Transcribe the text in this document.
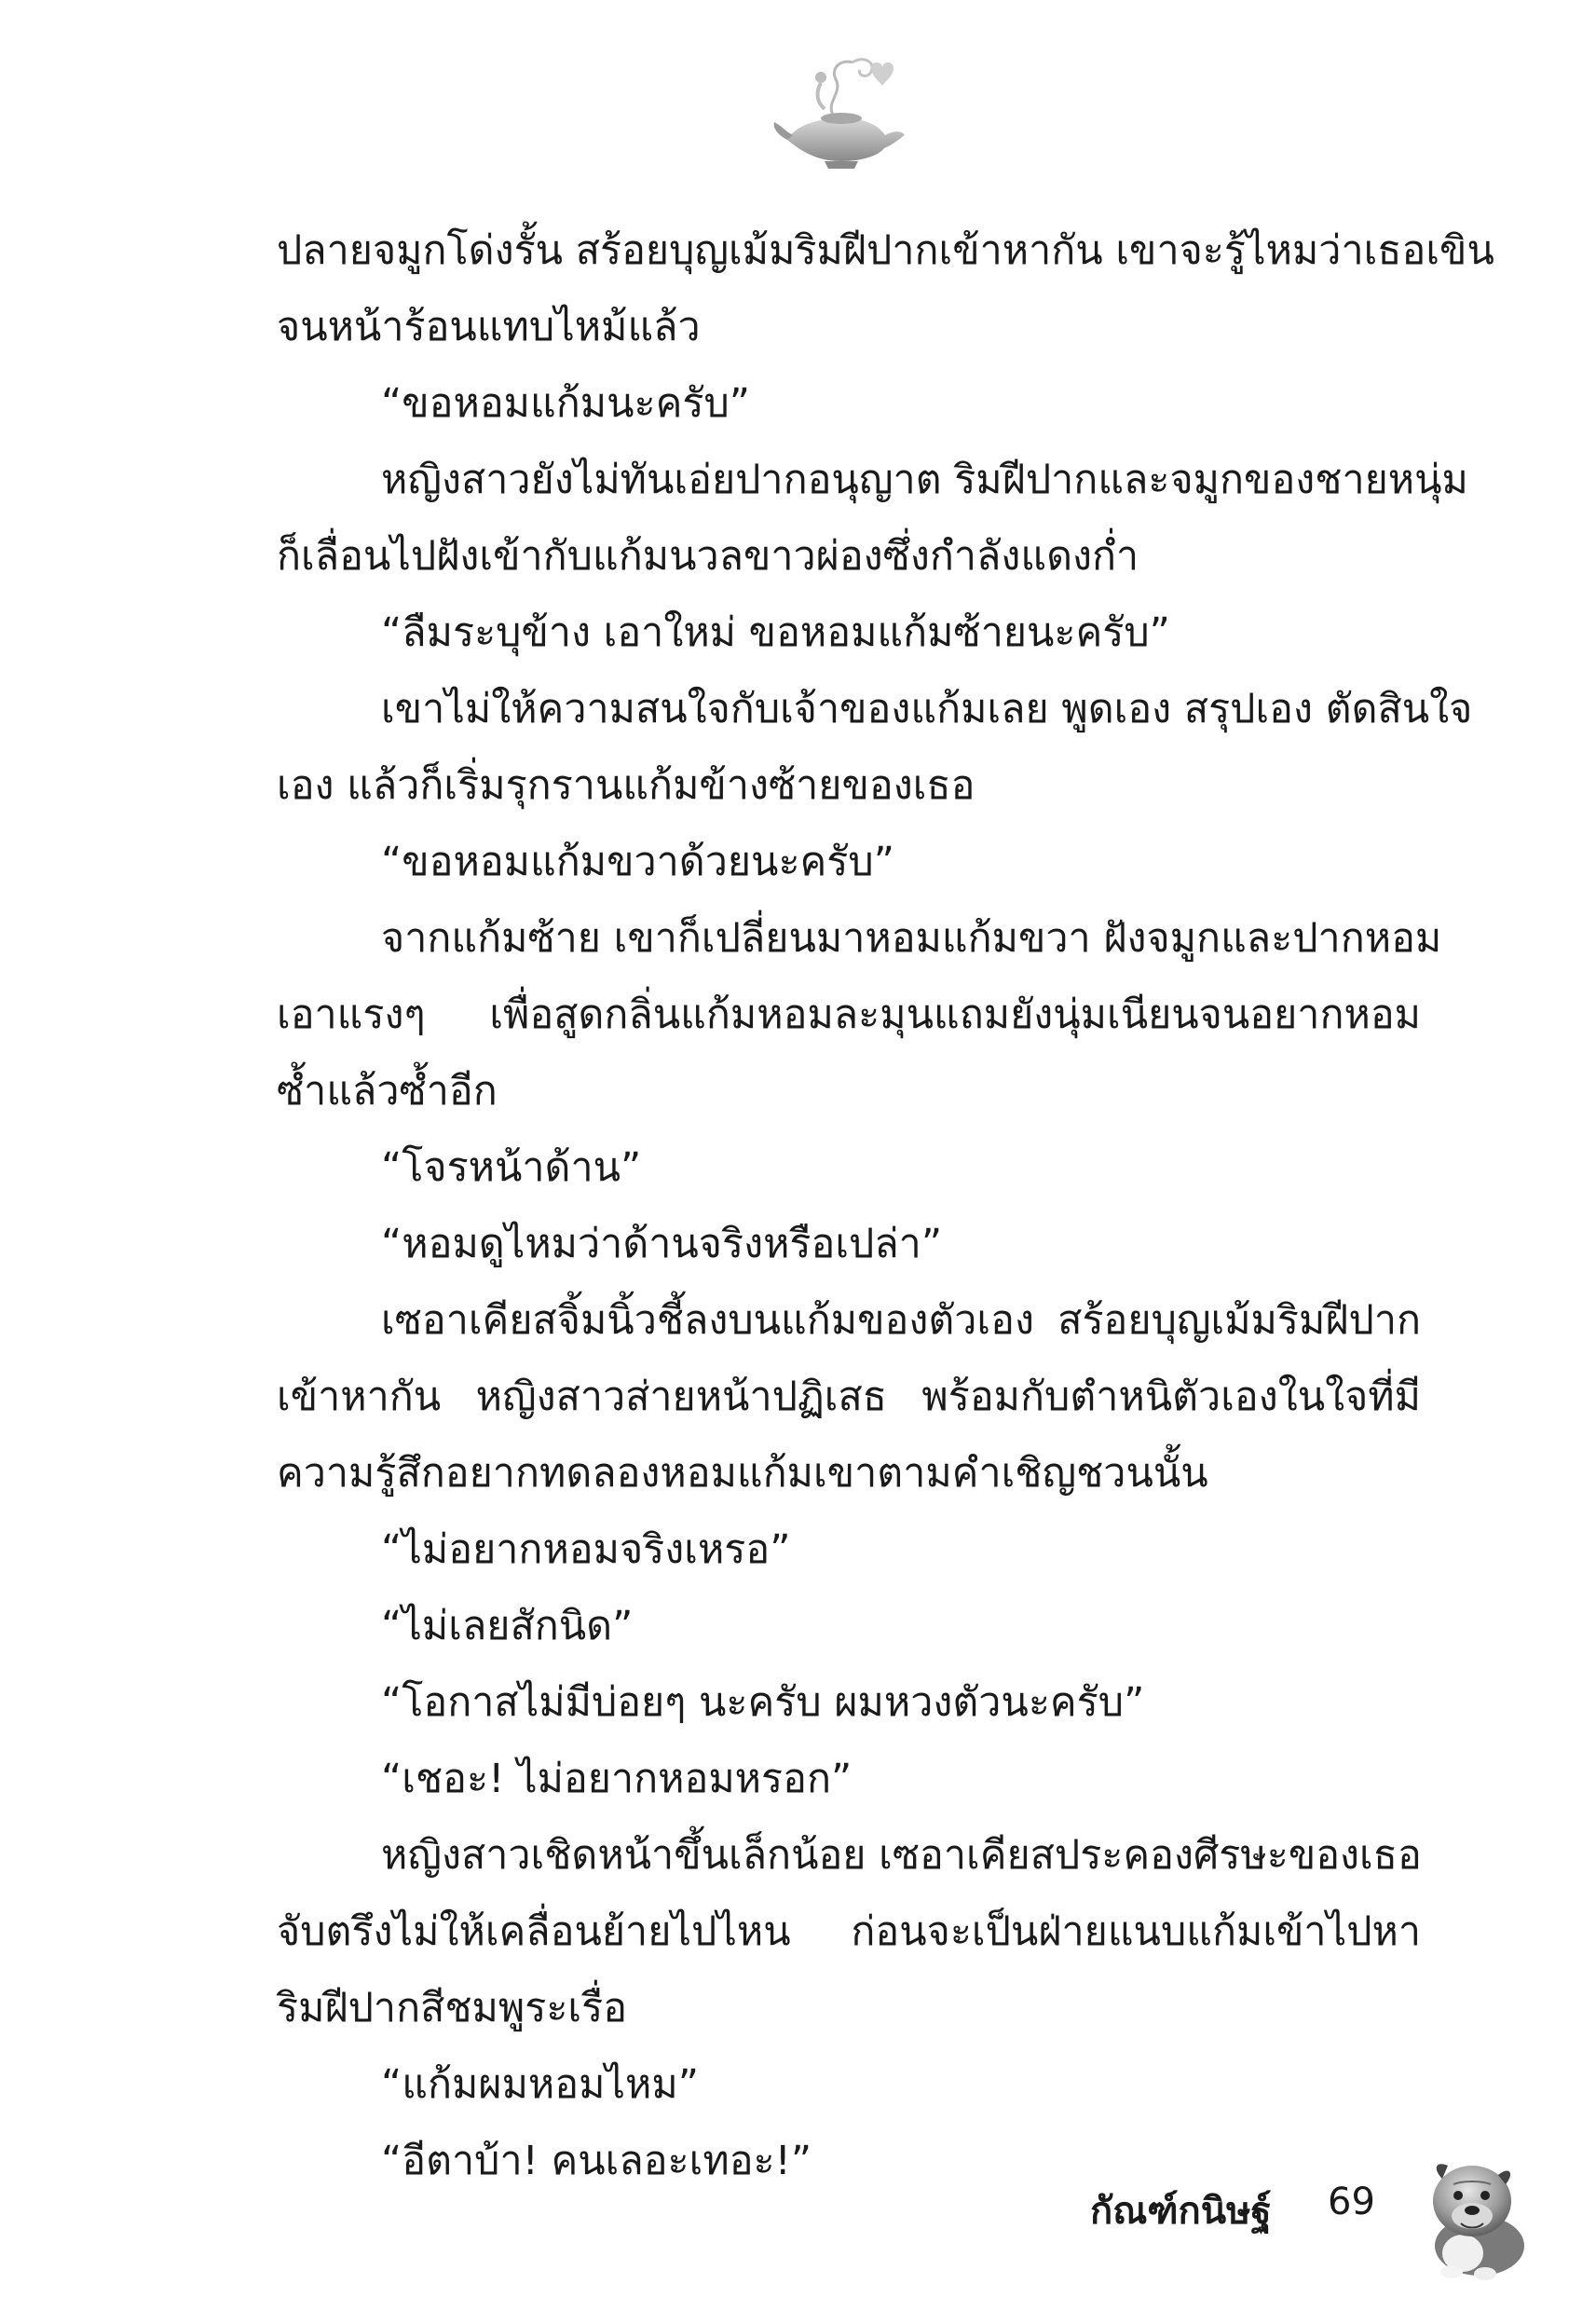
ปลายจมูกโด่งรั้น สร้อยบุญเม้มริมฝีปากเข้าหากัน เขาจะรู้ไหมว่าเธอเขิน
จนหน้าร้อนแทบไหม้แล้ว
“ขอหอมแก้มนะครับ”
หญิงสาวยังไม่ทันเอ่ยปากอนุญาต ริมฝีปากและจมูกของชายหนุ่ม
ก็เลื่อนไปฝังเข้ากับแก้มนวลขาวผ่องซึ่งกำลังแดงก่ำ
“ลืมระบุข้าง เอาใหม่ ขอหอมแก้มซ้ายนะครับ”
เขาไม่ให้ความสนใจกับเจ้าของแก้มเลย พูดเอง สรุปเอง ตัดสินใจ
เอง แล้วก็เริ่มรุกรานแก้มข้างซ้ายของเธอ
“ขอหอมแก้มขวาด้วยนะครับ”
จากแก้มซ้าย เขาก็เปลี่ยนมาหอมแก้มขวา ฝังจมูกและปากหอม
เอาแรงๆ เพื่อสูดกลิ่นแก้มหอมละมุนแถมยังนุ่มเนียนจนอยากหอม
ซ้ำแล้วซ้ำอีก
“โจรหน้าด้าน”
“หอมดูไหมว่าด้านจริงหรือเปล่า”
เซอาเคียสจิ้มนิ้วชี้ลงบนแก้มของตัวเอง สร้อยบุญเม้มริมฝีปาก
เข้าหากัน หญิงสาวส่ายหน้าปฏิเสธ พร้อมกับตำหนิตัวเองในใจที่มี
ความรู้สึกอยากทดลองหอมแก้มเขาตามคำเชิญชวนนั้น
“ไม่อยากหอมจริงเหรอ”
“ไม่เลยสักนิด”
“โอกาสไม่มีบ่อยๆ นะครับ ผมหวงตัวนะครับ”
“เชอะ! ไม่อยากหอมหรอก”
หญิงสาวเชิดหน้าขึ้นเล็กน้อย เซอาเคียสประคองศีรษะของเธอ
จับตรึงไม่ให้เคลื่อนย้ายไปไหน ก่อนจะเป็นฝ่ายแนบแก้มเข้าไปหา
ริมฝีปากสีชมพูระเรื่อ
“แก้มผมหอมไหม”
“อีตาบ้า! คนเลอะเทอะ!”
กัณฑ์กนิษฐ์ 69
